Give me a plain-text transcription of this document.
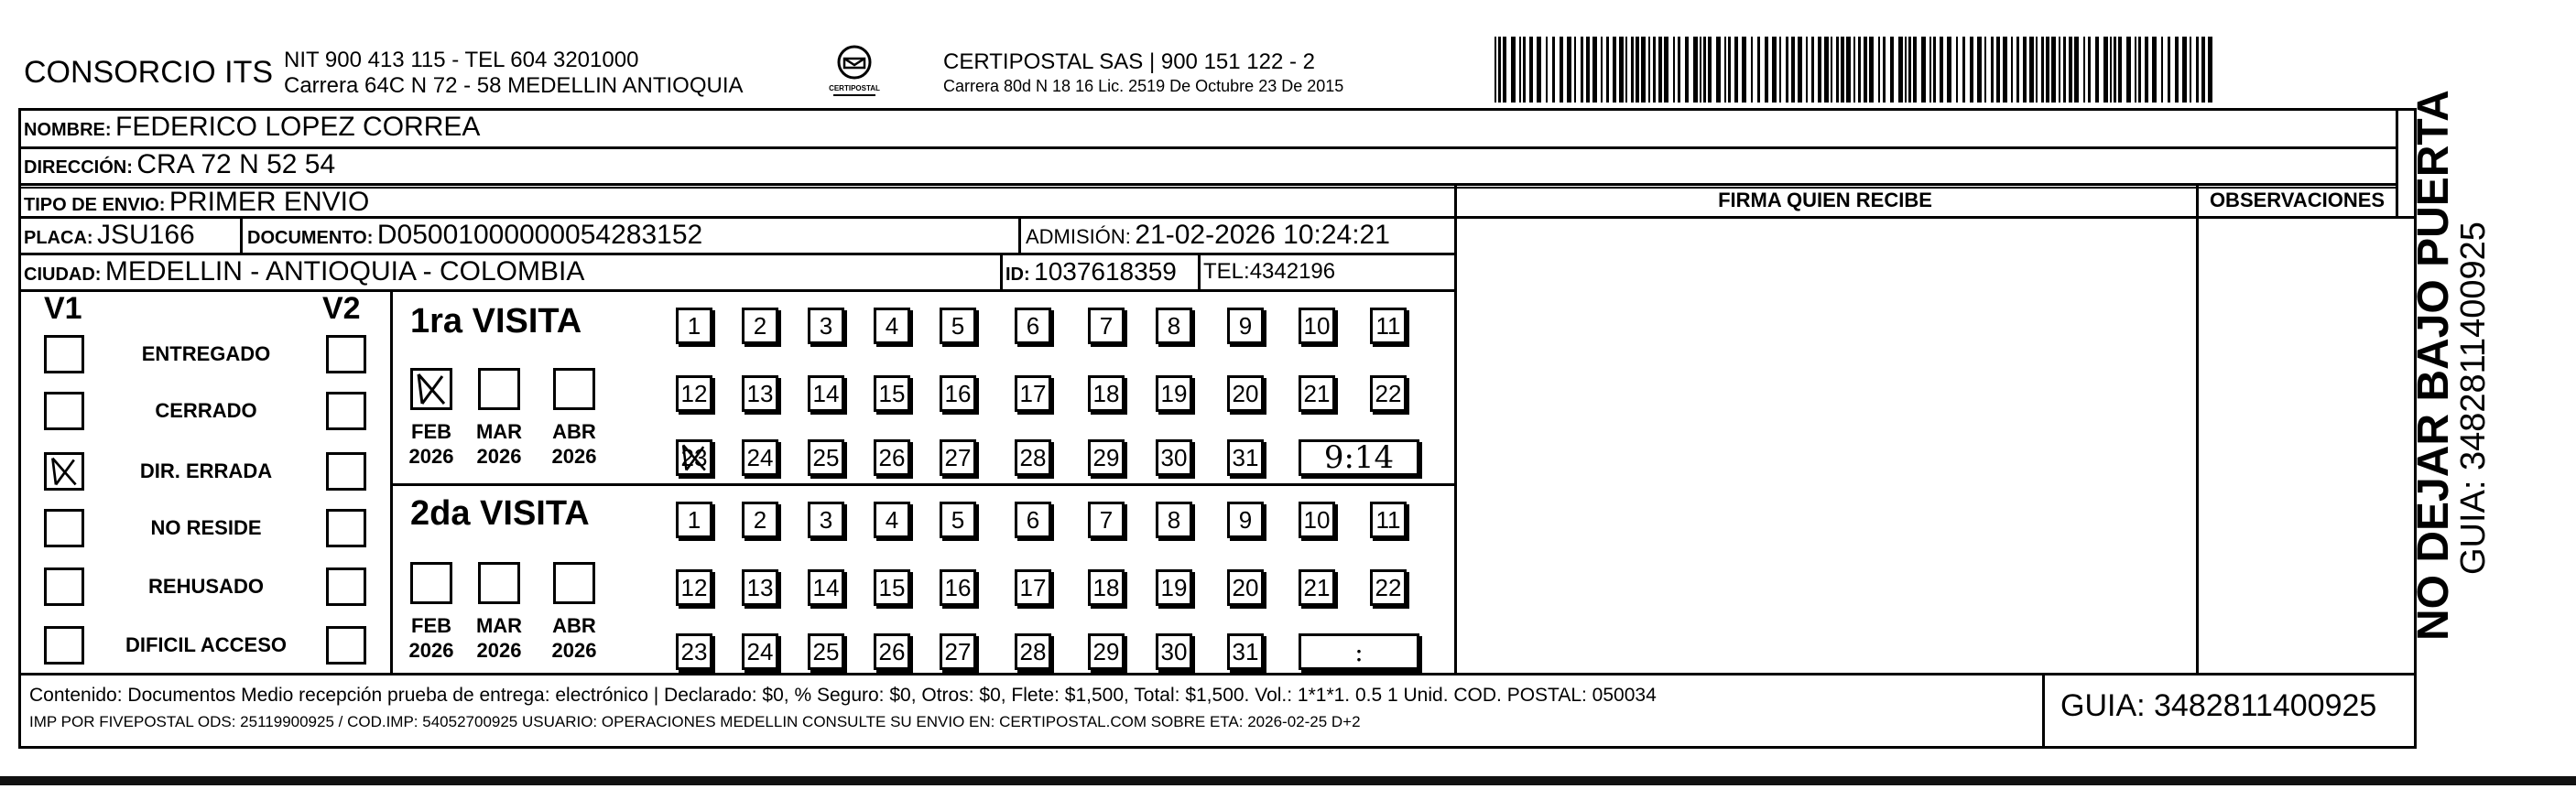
CONSORCIO ITS NIT 900 413 115 - TEL 604 3201000
Carrera 64C N 72 - 58 MEDELLIN ANTIOQUIA	CERTIPOSTAL
CERTIPOSTAL SAS | 900 151 122 - 2
Carrera 80d N 18 16 Lic. 2519 De Octubre 23 De 2015
NOMBRE: FEDERICO LOPEZ CORREA
DIRECCIÓN: CRA 72 N 52 54
TIPO DE ENVIO: PRIMER ENVIO	FIRMA QUIEN RECIBE	OBSERVACIONES
PLACA: JSU166	DOCUMENTO: D05001000000054283152	ADMISIÓN: 21-02-2026 10:24:21
CIUDAD: MEDELLIN - ANTIOQUIA - COLOMBIA	ID: 1037618359 TEL:4342196
V1	V2 1ra VISITA
2da VISITA
Contenido: Documentos Medio recepción prueba de entrega: electrónico | Declarado: $0, % Seguro: $0, Otros: $0, Flete: $1,500, Total: $1,500. Vol.: 1*1*1. 0.5 1 Unid. COD. POSTAL: 050034
IMP POR FIVEPOSTAL ODS: 25119900925 / COD.IMP: 54052700925 USUARIO: OPERACIONES MEDELLIN CONSULTE SU ENVIO EN: CERTIPOSTAL.COM SOBRE ETA: 2026-02-25 D+2	GUIA: 3482811400925
NO DEJAR BAJO PUERTA
GUIA: 3482811400925
ENTREGADO
CERRADO
DIR. ERRADA
NO RESIDE
REHUSADO
DIFICIL ACCESO
FEB
2026
MAR
2026
ABR
2026
1	2	3	4	5	6	7	8	9	10 11
12 13 14 15 16 17 18 19 20 21 22
23 24 25 26 27 28 29 30 31	9:14
FEB
2026
MAR
2026
ABR
2026
1	2	3	4	5	6	7	8	9	10 11
12 13 14 15 16 17 18 19 20 21 22
23 24 25 26 27 28 29 30 31	:
